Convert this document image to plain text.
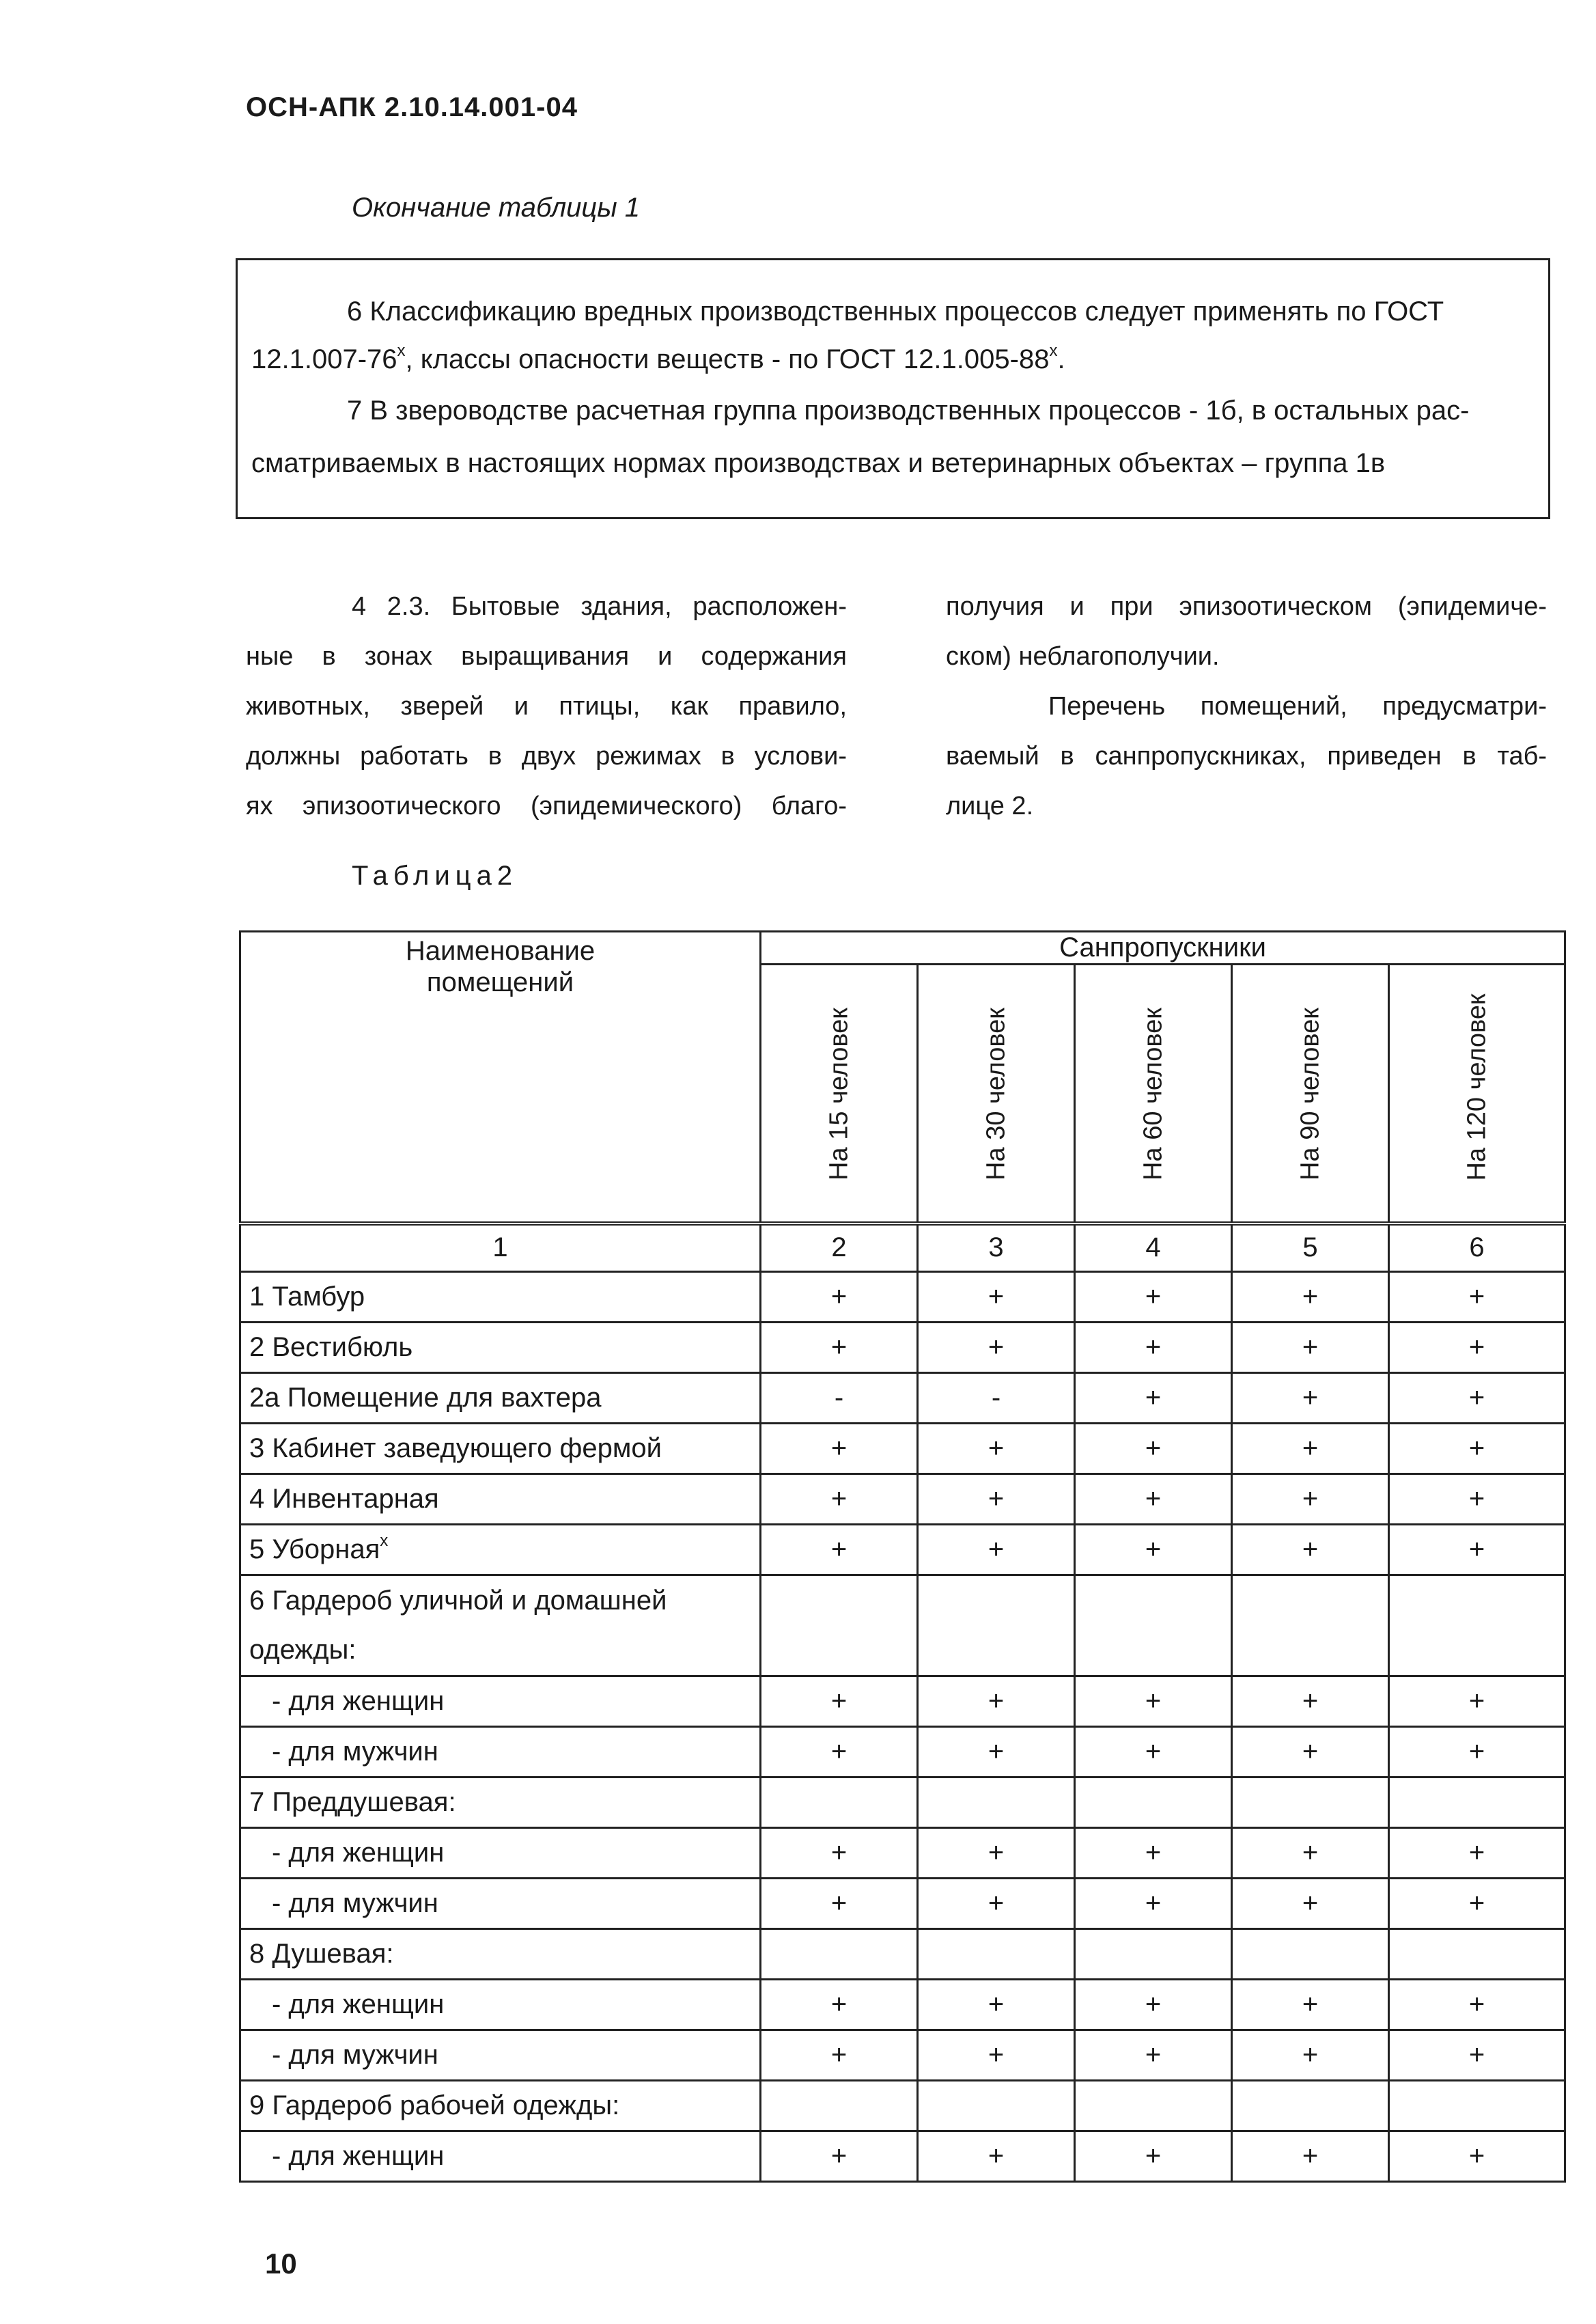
ОСН-АПК 2.10.14.001-04
Окончание таблицы 1

6 Классификацию вредных производственных процессов следует применять по ГОСТ

$12.1.007-76^х$, классы опасности веществ - по ГОСТ $12.1.005-88^х$.

7 В звероводстве расчетная группа производственных процессов - 1б, в остальных рас-

сматриваемых в настоящих нормах производствах и ветеринарных объектах – группа 1в

4 2.3. Бытовые здания, расположен-
ные в зонах выращивания и содержания
животных, зверей и птицы, как правило,
должны работать в двух режимах в услови-
ях эпизоотического (эпидемического) благо-
получия и при эпизоотическом (эпидемиче-
ском) неблагополучии.
Перечень помещений, предусматри-
ваемый в санпропускниках, приведен в таб-
лице 2.
Таблица2
Наименование помещений	Санпропускники				

	На 15 человек	На 30 человек	На 60 человек	На 90 человек	На 120 человек

1	2	3	4	5	6
1 Тамбур	+	+	+	+	+
2 Вестибюль	+	+	+	+	+
2а Помещение для вахтера	-	-	+	+	+
3 Кабинет заведующего фермой	+	+	+	+	+
4 Инвентарная	+	+	+	+	+
5 Уборная$^х$	+	+	+	+	+
6 Гардероб уличной и домашней одежды:					
- для женщин	+	+	+	+	+
- для мужчин	+	+	+	+	+
7 Преддушевая:					
- для женщин	+	+	+	+	+
- для мужчин	+	+	+	+	+
8 Душевая:					
- для женщин	+	+	+	+	+
- для мужчин	+	+	+	+	+
9 Гардероб рабочей одежды:					
- для женщин	+	+	+	+	+
10
